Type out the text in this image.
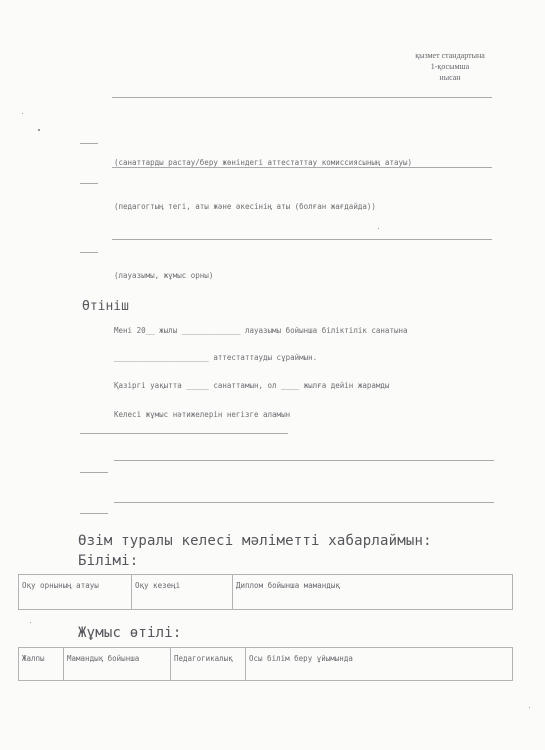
қызмет стандартына
1-қосымша
нысан
(санаттарды растау/беру жөніндегі аттестаттау комиссиясының атауы)
(педагогтың тегі, аты және әкесінің аты (болған жағдайда))
(лауазымы, жұмыс орны)
Өтініш
Мені 20__ жылы _____________ лауазымы бойынша біліктілік санатына
_____________________ аттестаттауды сұраймын.
Қазіргі уақытта _____ санаттамын, ол ____ жылға дейін жарамды
Келесі жұмыс нәтижелерін негізге аламын
Өзім туралы келесі мәліметті хабарлаймын:
Білімі:
Оқу орнының атауы	Оқу кезеңі	Диплом бойынша мамандық
Жұмыс өтілі:
Жалпы	Мамандық бойынша	Педагогикалық	Осы білім беру ұйымында
